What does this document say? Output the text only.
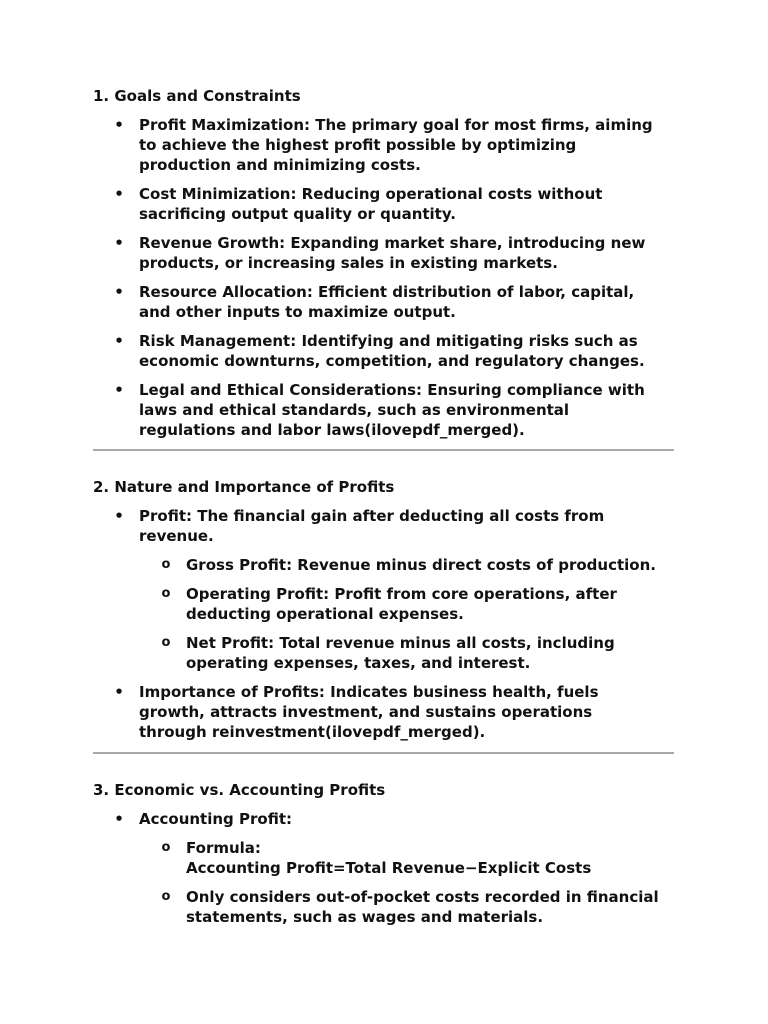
1. Goals and Constraints
• Profit Maximization: The primary goal for most firms, aiming
to achieve the highest profit possible by optimizing
production and minimizing costs.
• Cost Minimization: Reducing operational costs without
sacrificing output quality or quantity.
• Revenue Growth: Expanding market share, introducing new
products, or increasing sales in existing markets.
• Resource Allocation: Efficient distribution of labor, capital,
and other inputs to maximize output.
• Risk Management: Identifying and mitigating risks such as
economic downturns, competition, and regulatory changes.
• Legal and Ethical Considerations: Ensuring compliance with
laws and ethical standards, such as environmental
regulations and labor laws(ilovepdf_merged).
2. Nature and Importance of Profits
• Profit: The financial gain after deducting all costs from
revenue.
o Gross Profit: Revenue minus direct costs of production.
o Operating Profit: Profit from core operations, after
deducting operational expenses.
o Net Profit: Total revenue minus all costs, including
operating expenses, taxes, and interest.
• Importance of Profits: Indicates business health, fuels
growth, attracts investment, and sustains operations
through reinvestment(ilovepdf_merged).
3. Economic vs. Accounting Profits
• Accounting Profit:
o Formula:
Accounting Profit=Total Revenue−Explicit Costs
o Only considers out-of-pocket costs recorded in financial
statements, such as wages and materials.
